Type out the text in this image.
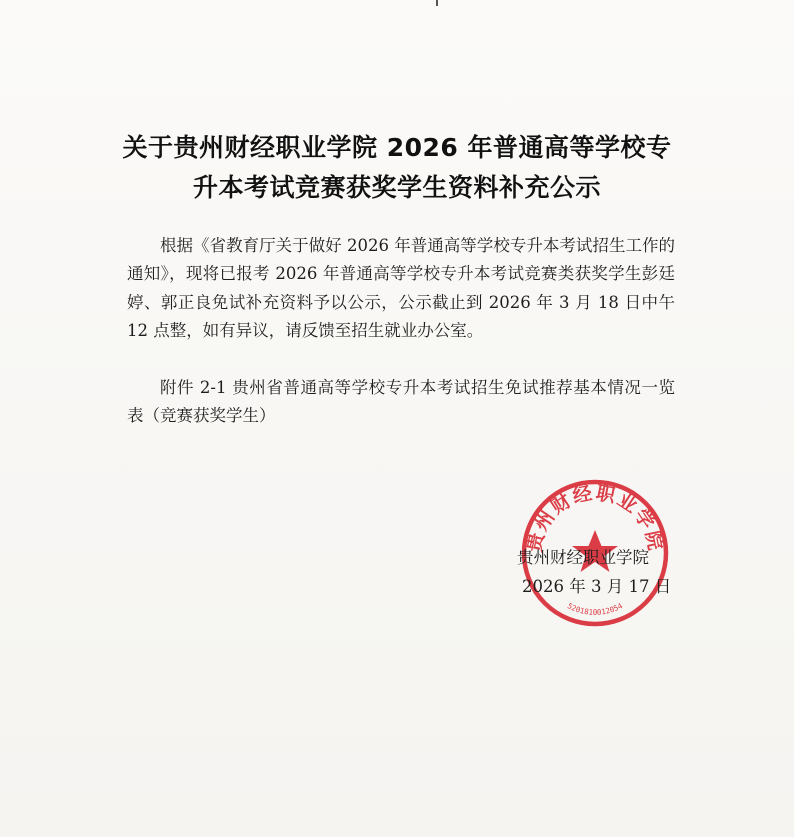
关于贵州财经职业学院 2026 年普通高等学校专
升本考试竞赛获奖学生资料补充公示
根据《省教育厅关于做好 2026 年普通高等学校专升本考试招生工作的通知》，现将已报考 2026 年普通高等学校专升本考试竞赛类获奖学生彭廷婷、郭正良免试补充资料予以公示，公示截止到 2026 年 3 月 18 日中午 12 点整，如有异议，请反馈至招生就业办公室。
附件 2-1 贵州省普通高等学校专升本考试招生免试推荐基本情况一览表（竞赛获奖学生）
贵州财经职业学院
5201810012054
贵州财经职业学院
2026 年 3 月 17 日
